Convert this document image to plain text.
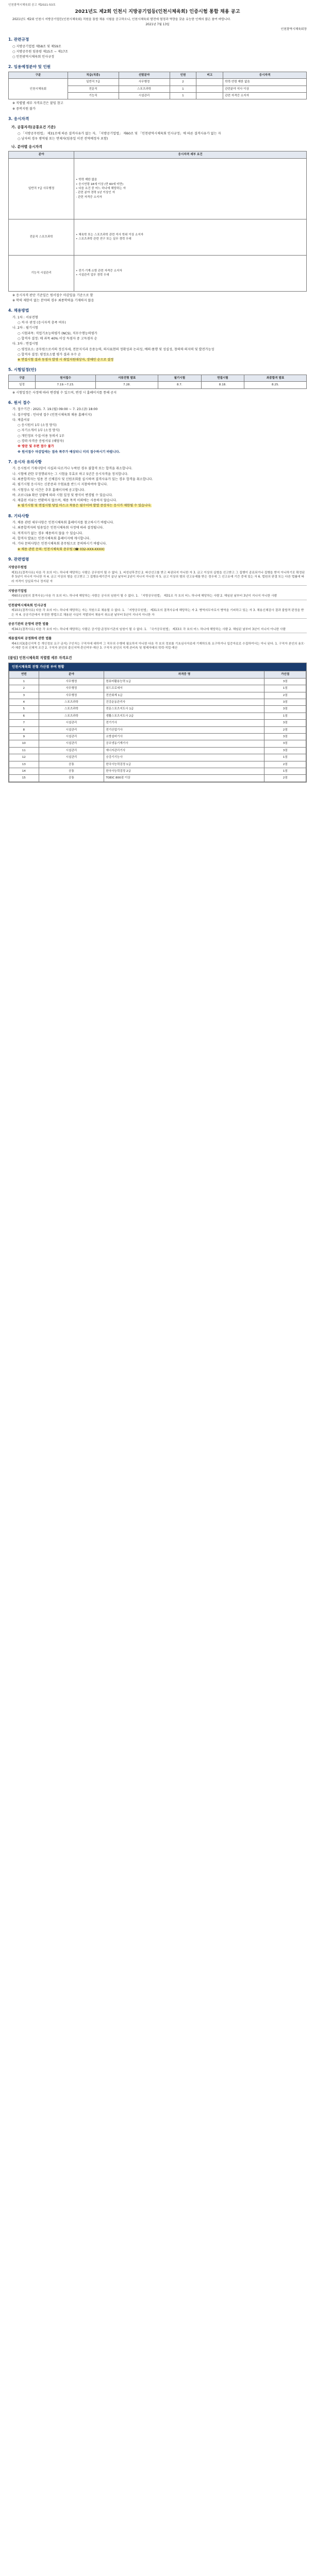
인천광역시체육회 공고 제2021-53호
2021년도 제2회 인천시 지방공기업등(인천시체육회) 인증시험 통합 채용 공고
2021년도 제2회 인천시 지방공기업등(인천시체육회) 직원을 통합 채용 시험을 공고하오니, 인천시체육회 발전에 열정과 역량을 갖춘 유능한 인재의 많은 참여 바랍니다.
2021년 7월 13일
인천광역시체육회장
1. 관련규정
○ 지방공기업법 제58조 및 제59조
○ 지방공무원 임용령 제15조 ~ 제17조
○ 인천광역시체육회 인사규정
2. 임용예정분야 및 인원
구분	직급(직종)	선발분야	인원	비고	응시자격
인천시체육회	일반직 7급	사무행정	2		학력·연령 제한 없음
	전문직	스포츠과학	1		관련분야 석사 이상
	기능직	시설관리	1		관련 자격증 소지자
※ 직렬별 세부 자격요건은 붙임 참고
※ 중복지원 불가
3. 응시자격
가. 공통자격(공통요건 기준)
○ 「지방공무원법」 제31조에 따른 결격사유가 없는 자, 「지방공기업법」 제60조 및 「인천광역시체육회 인사규정」에 따른 결격사유가 없는 자
○ 남자의 경우 병역필 또는 면제자(임용일 이전 전역예정자 포함)
나. 분야별 응시자격
분야	응시자격 세부 요건
일반직 7급 사무행정	• 학력 제한 없음
• 응시연령 18세 이상 (만 60세 미만)
• 다음 요건 중 어느 하나에 해당하는 자
- 관련 분야 경력 1년 이상인 자
- 관련 자격증 소지자
전문직 스포츠과학	• 체육학 또는 스포츠과학 관련 석사 학위 이상 소지자
• 스포츠과학 관련 연구 또는 실무 경력 우대
기능직 시설관리	• 전기·기계·소방 관련 자격증 소지자
• 시설관리 업무 경력 우대
※ 응시자격 판단 기준일은 원서접수 마감일을 기준으로 함
※ 학력 제한이 없는 분야의 경우 최종학력을 기재하지 않음
4. 채용방법
가. 1차 : 서류전형
○ 적·부 판정 (응시자격 충족 여부)
나. 2차 : 필기시험
○ 시험과목: 직업기초능력평가 (NCS), 직무수행능력평가
○ 합격자 결정: 매 과목 40% 이상 득점자 중 고득점자 순
다. 3차 : 면접시험
○ 평정요소: 공무원으로서의 정신자세, 전문지식과 응용능력, 의사표현의 정확성과 논리성, 예의·품행 및 성실성, 창의력·의지력 및 발전가능성
○ 합격자 결정: 평정요소별 평가 결과 우수 순
※ 면접시험 결과 동점자 발생 시 취업지원대상자, 장애인 순으로 결정
5. 시험일정(안)
구분	원서접수	서류전형 발표	필기시험	면접시험	최종합격 발표
일정	7.19.~7.23.	7.28.	8.7.	8.18.	8.25.
※ 시험일정은 사정에 따라 변경될 수 있으며, 변경 시 홈페이지를 통해 공지
6. 원서 접수
가. 접수기간 : 2021. 7. 19.(월) 09:00 ~ 7. 23.(금) 18:00
나. 접수방법 : 인터넷 접수 (인천시체육회 채용 홈페이지)
다. 제출서류
○ 응시원서 1부 (소정 양식)
○ 자기소개서 1부 (소정 양식)
○ 개인정보 수집·이용 동의서 1부
○ 경력·자격증 증빙서류 (해당자)
※ 방문 및 우편 접수 불가
※ 원서접수 마감일에는 접속 폭주가 예상되니 미리 접수하시기 바랍니다.
7. 응시자 유의사항
가. 응시원서 기재사항이 사실과 다르거나 누락된 경우 불합격 또는 합격을 취소합니다.
나. 시험에 관한 부정행위자는 그 시험을 무효로 하고 5년간 응시자격을 정지합니다.
다. 최종합격자는 임용 전 신체검사 및 신원조회를 실시하며 결격사유가 있는 경우 합격을 취소합니다.
라. 필기시험 응시자는 신분증과 수험표를 반드시 지참하여야 합니다.
마. 시험장소 및 시간은 추후 홈페이지에 공고합니다.
바. 코로나19 확산 상황에 따라 시험 일정 및 방식이 변경될 수 있습니다.
사. 제출된 서류는 반환하지 않으며, 채용 목적 이외에는 사용하지 않습니다.
※ 필기시험 및 면접시험 당일 마스크 착용은 필수이며 발열 증상자는 응시가 제한될 수 있습니다.
8. 기타사항
가. 채용 관련 세부사항은 인천시체육회 홈페이지를 참고하시기 바랍니다.
나. 최종합격자의 임용일은 인천시체육회 사정에 따라 결정됩니다.
다. 적격자가 없는 경우 채용하지 않을 수 있습니다.
라. 합격자 발표는 인천시체육회 홈페이지에 게시합니다.
마. 기타 문의사항은 인천시체육회 총무팀으로 문의하시기 바랍니다.
※ 채용 관련 문의: 인천시체육회 총무팀 (☎ 032-XXX-XXXX)
9. 관련법령
지방공무원법

제31조(결격사유) 다음 각 호의 어느 하나에 해당하는 사람은 공무원이 될 수 없다. 1. 피성년후견인 2. 파산선고를 받고 복권되지 아니한 자 3. 금고 이상의 실형을 선고받고 그 집행이 종료되거나 집행을 받지 아니하기로 확정된 후 5년이 지나지 아니한 자 4. 금고 이상의 형을 선고받고 그 집행유예기간이 끝난 날부터 2년이 지나지 아니한 자 5. 금고 이상의 형의 선고유예를 받은 경우에 그 선고유예 기간 중에 있는 자 6. 법원의 판결 또는 다른 법률에 따라 자격이 상실되거나 정지된 자

지방공기업법

제60조(임원의 결격사유) 다음 각 호의 어느 하나에 해당하는 사람은 공사의 임원이 될 수 없다. 1. 「지방공무원법」 제31조 각 호의 어느 하나에 해당하는 사람 2. 해임된 날부터 3년이 지나지 아니한 사람

인천광역시체육회 인사규정

제10조(결격사유) 다음 각 호의 어느 하나에 해당하는 자는 직원으로 채용될 수 없다. 1. 「지방공무원법」 제31조의 결격사유에 해당하는 자 2. 병역의무자로서 병역을 기피하고 있는 자 3. 채용신체검사 결과 불합격 판정을 받은 자 4. 공공기관에서 부정한 방법으로 채용된 사실이 적발되어 채용이 취소된 날부터 5년이 지나지 아니한 자

공공기관의 운영에 관한 법률

제34조(결격사유) 다음 각 호의 어느 하나에 해당하는 사람은 공기업·준정부기관의 임원이 될 수 없다. 1. 「국가공무원법」 제33조 각 호의 어느 하나에 해당하는 사람 2. 해임된 날부터 3년이 지나지 아니한 사람

채용절차의 공정화에 관한 법률

제4조의3(출신지역 등 개인정보 요구 금지) 구인자는 구직자에 대하여 그 직무의 수행에 필요하지 아니한 다음 각 호의 정보를 기초심사자료에 기재하도록 요구하거나 입증자료로 수집하여서는 아니 된다. 1. 구직자 본인의 용모·키·체중 등의 신체적 조건 2. 구직자 본인의 출신지역·혼인여부·재산 3. 구직자 본인의 직계 존비속 및 형제자매의 학력·직업·재산

[붙임] 인천시체육회 직렬별 세부 자격요건
인천시체육회 전형 가산점 부여 현황
연번	분야	자격증 명	가산점
1	사무행정	컴퓨터활용능력 1급	3점
2	사무행정	워드프로세서	1점
3	사무행정	전산회계 1급	2점
4	스포츠과학	건강운동관리사	3점
5	스포츠과학	전문스포츠지도사 1급	3점
6	스포츠과학	생활스포츠지도사 2급	1점
7	시설관리	전기기사	3점
8	시설관리	전기산업기사	2점
9	시설관리	소방설비기사	3점
10	시설관리	공조냉동기계기사	3점
11	시설관리	에너지관리기사	3점
12	시설관리	승강기기능사	1점
13	공통	한국사능력검정 1급	2점
14	공통	한국사능력검정 2급	1점
15	공통	TOEIC 800점 이상	2점
